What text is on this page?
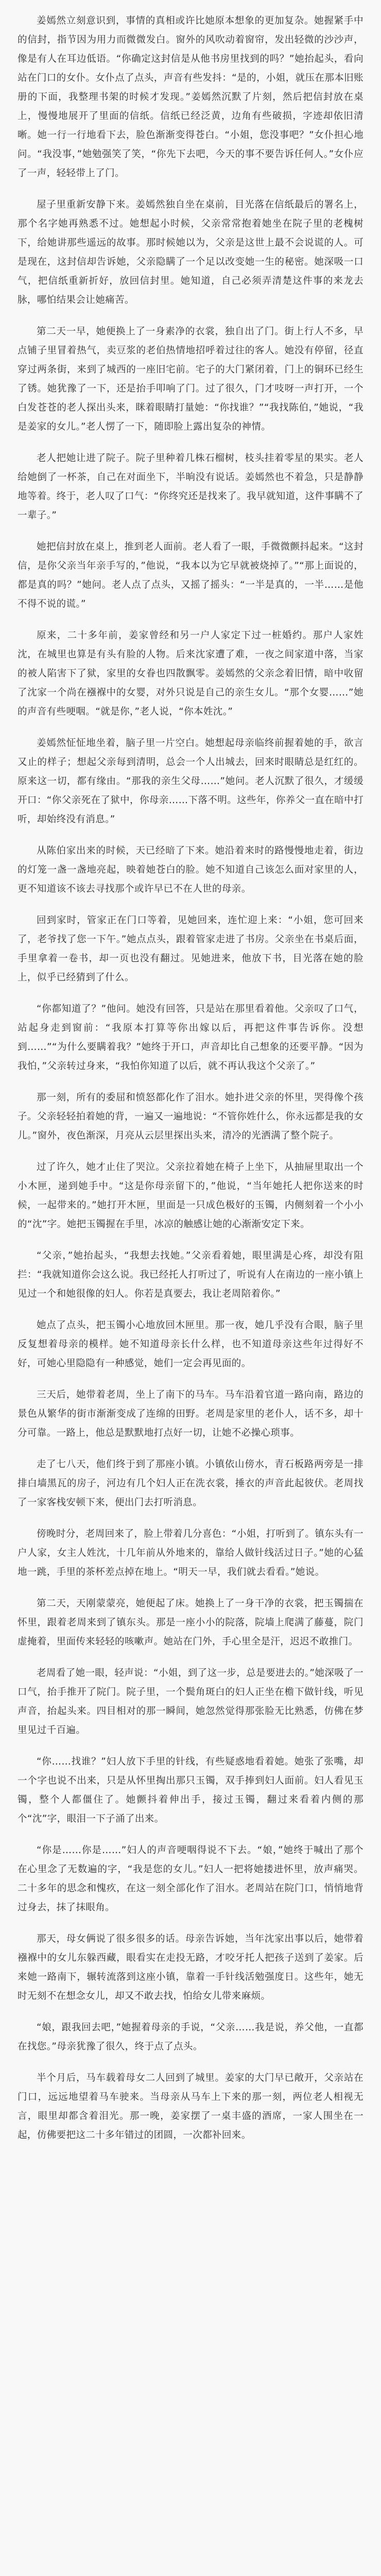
姜嫣然立刻意识到，事情的真相或许比她原本想象的更加复杂。她握紧手中的信封，指节因为用力而微微发白。窗外的风吹动着窗帘，发出轻微的沙沙声，像是有人在耳边低语。“你确定这封信是从他书房里找到的吗？”她抬起头，看向站在门口的女仆。女仆点了点头，声音有些发抖：“是的，小姐，就压在那本旧账册的下面，我整理书架的时候才发现。”姜嫣然沉默了片刻，然后把信封放在桌上，慢慢地展开了里面的信纸。信纸已经泛黄，边角有些破损，字迹却依旧清晰。她一行一行地看下去，脸色渐渐变得苍白。“小姐，您没事吧？”女仆担心地问。“我没事，”她勉强笑了笑，“你先下去吧，今天的事不要告诉任何人。”女仆应了一声，轻轻带上了门。

屋子里重新安静下来。姜嫣然独自坐在桌前，目光落在信纸最后的署名上，那个名字她再熟悉不过。她想起小时候，父亲常常抱着她坐在院子里的老槐树下，给她讲那些遥远的故事。那时候她以为，父亲是这世上最不会说谎的人。可是现在，这封信却告诉她，父亲隐瞒了一个足以改变她一生的秘密。她深吸一口气，把信纸重新折好，放回信封里。她知道，自己必须弄清楚这件事的来龙去脉，哪怕结果会让她痛苦。

第二天一早，她便换上了一身素净的衣裳，独自出了门。街上行人不多，早点铺子里冒着热气，卖豆浆的老伯热情地招呼着过往的客人。她没有停留，径直穿过两条街，来到了城西的一座旧宅前。宅子的大门紧闭着，门上的铜环已经生了锈。她犹豫了一下，还是抬手叩响了门。过了很久，门才吱呀一声打开，一个白发苍苍的老人探出头来，眯着眼睛打量她：“你找谁？”“我找陈伯，”她说，“我是姜家的女儿。”老人愣了一下，随即脸上露出复杂的神情。

老人把她让进了院子。院子里种着几株石榴树，枝头挂着零星的果实。老人给她倒了一杯茶，自己在对面坐下，半晌没有说话。姜嫣然也不着急，只是静静地等着。终于，老人叹了口气：“你终究还是找来了。我早就知道，这件事瞒不了一辈子。”

她把信封放在桌上，推到老人面前。老人看了一眼，手微微颤抖起来。“这封信，是你父亲当年亲手写的，”他说，“我本以为它早就被烧掉了。”“那上面说的，都是真的吗？”她问。老人点了点头，又摇了摇头：“一半是真的，一半……是他不得不说的谎。”

原来，二十多年前，姜家曾经和另一户人家定下过一桩婚约。那户人家姓沈，在城里也算是有头有脸的人物。后来沈家遭了难，一夜之间家道中落，当家的被人陷害下了狱，家里的女眷也四散飘零。姜嫣然的父亲念着旧情，暗中收留了沈家一个尚在襁褓中的女婴，对外只说是自己的亲生女儿。“那个女婴……”她的声音有些哽咽。“就是你，”老人说，“你本姓沈。”

姜嫣然怔怔地坐着，脑子里一片空白。她想起母亲临终前握着她的手，欲言又止的样子；想起父亲每到清明，总会一个人出城去，回来时眼睛总是红红的。原来这一切，都有缘由。“那我的亲生父母……”她问。老人沉默了很久，才缓缓开口：“你父亲死在了狱中，你母亲……下落不明。这些年，你养父一直在暗中打听，却始终没有消息。”

从陈伯家出来的时候，天已经暗了下来。她沿着来时的路慢慢地走着，街边的灯笼一盏一盏地亮起，映着她苍白的脸。她不知道自己该怎么面对家里的人，更不知道该不该去寻找那个或许早已不在人世的母亲。

回到家时，管家正在门口等着，见她回来，连忙迎上来：“小姐，您可回来了，老爷找了您一下午。”她点点头，跟着管家走进了书房。父亲坐在书桌后面，手里拿着一卷书，却一页也没有翻过。见她进来，他放下书，目光落在她的脸上，似乎已经猜到了什么。

“你都知道了？”他问。她没有回答，只是站在那里看着他。父亲叹了口气，站起身走到窗前：“我原本打算等你出嫁以后，再把这件事告诉你。没想到……”“为什么要瞒着我？”她终于开口，声音却比自己想象的还要平静。“因为我怕，”父亲转过身来，“我怕你知道了以后，就不再认我这个父亲了。”

那一刻，所有的委屈和愤怒都化作了泪水。她扑进父亲的怀里，哭得像个孩子。父亲轻轻拍着她的背，一遍又一遍地说：“不管你姓什么，你永远都是我的女儿。”窗外，夜色渐深，月亮从云层里探出头来，清冷的光洒满了整个院子。

过了许久，她才止住了哭泣。父亲拉着她在椅子上坐下，从抽屉里取出一个小木匣，递到她手中。“这是你母亲留下的，”他说，“当年她托人把你送来的时候，一起带来的。”她打开木匣，里面是一只成色极好的玉镯，内侧刻着一个小小的“沈”字。她把玉镯握在手里，冰凉的触感让她的心渐渐安定下来。

“父亲，”她抬起头，“我想去找她。”父亲看着她，眼里满是心疼，却没有阻拦：“我就知道你会这么说。我已经托人打听过了，听说有人在南边的一座小镇上见过一个和她很像的妇人。你若是真要去，我让老周陪着你。”

她点了点头，把玉镯小心地放回木匣里。那一夜，她几乎没有合眼，脑子里反复想着母亲的模样。她不知道母亲长什么样，也不知道母亲这些年过得好不好，可她心里隐隐有一种感觉，她们一定会再见面的。

三天后，她带着老周，坐上了南下的马车。马车沿着官道一路向南，路边的景色从繁华的街市渐渐变成了连绵的田野。老周是家里的老仆人，话不多，却十分可靠。一路上，他总是默默地打点好一切，让她不必操心琐事。

走了七八天，他们终于到了那座小镇。小镇依山傍水，青石板路两旁是一排排白墙黑瓦的房子，河边有几个妇人正在洗衣裳，捶衣的声音此起彼伏。老周找了一家客栈安顿下来，便出门去打听消息。

傍晚时分，老周回来了，脸上带着几分喜色：“小姐，打听到了。镇东头有一户人家，女主人姓沈，十几年前从外地来的，靠给人做针线活过日子。”她的心猛地一跳，手里的茶杯差点掉在地上。“明天一早，我们就去看看。”她说。

第二天，天刚蒙蒙亮，她便起了床。她换上了一身干净的衣裳，把玉镯揣在怀里，跟着老周来到了镇东头。那是一座小小的院落，院墙上爬满了藤蔓，院门虚掩着，里面传来轻轻的咳嗽声。她站在门外，手心里全是汗，迟迟不敢推门。

老周看了她一眼，轻声说：“小姐，到了这一步，总是要进去的。”她深吸了一口气，抬手推开了院门。院子里，一个鬓角斑白的妇人正坐在檐下做针线，听见声音，抬起头来。四目相对的那一瞬间，她忽然觉得那张脸无比熟悉，仿佛在梦里见过千百遍。

“你……找谁？”妇人放下手里的针线，有些疑惑地看着她。她张了张嘴，却一个字也说不出来，只是从怀里掏出那只玉镯，双手捧到妇人面前。妇人看见玉镯，整个人都僵住了。她颤抖着伸出手，接过玉镯，翻过来看着内侧的那个“沈”字，眼泪一下子涌了出来。

“你是……你是……”妇人的声音哽咽得说不下去。“娘，”她终于喊出了那个在心里念了无数遍的字，“我是您的女儿。”妇人一把将她搂进怀里，放声痛哭。二十多年的思念和愧疚，在这一刻全部化作了泪水。老周站在院门口，悄悄地背过身去，抹了抹眼角。

那天，母女俩说了很多很多的话。母亲告诉她，当年沈家出事以后，她带着襁褓中的女儿东躲西藏，眼看实在走投无路，才咬牙托人把孩子送到了姜家。后来她一路南下，辗转流落到这座小镇，靠着一手针线活勉强度日。这些年，她无时无刻不在想念女儿，却又不敢去找，怕给女儿带来麻烦。

“娘，跟我回去吧，”她握着母亲的手说，“父亲……我是说，养父他，一直都在找您。”母亲犹豫了很久，终于点了点头。

半个月后，马车载着母女二人回到了城里。姜家的大门早已敞开，父亲站在门口，远远地望着马车驶来。当母亲从马车上下来的那一刻，两位老人相视无言，眼里却都含着泪光。那一晚，姜家摆了一桌丰盛的酒席，一家人围坐在一起，仿佛要把这二十多年错过的团圆，一次都补回来。
